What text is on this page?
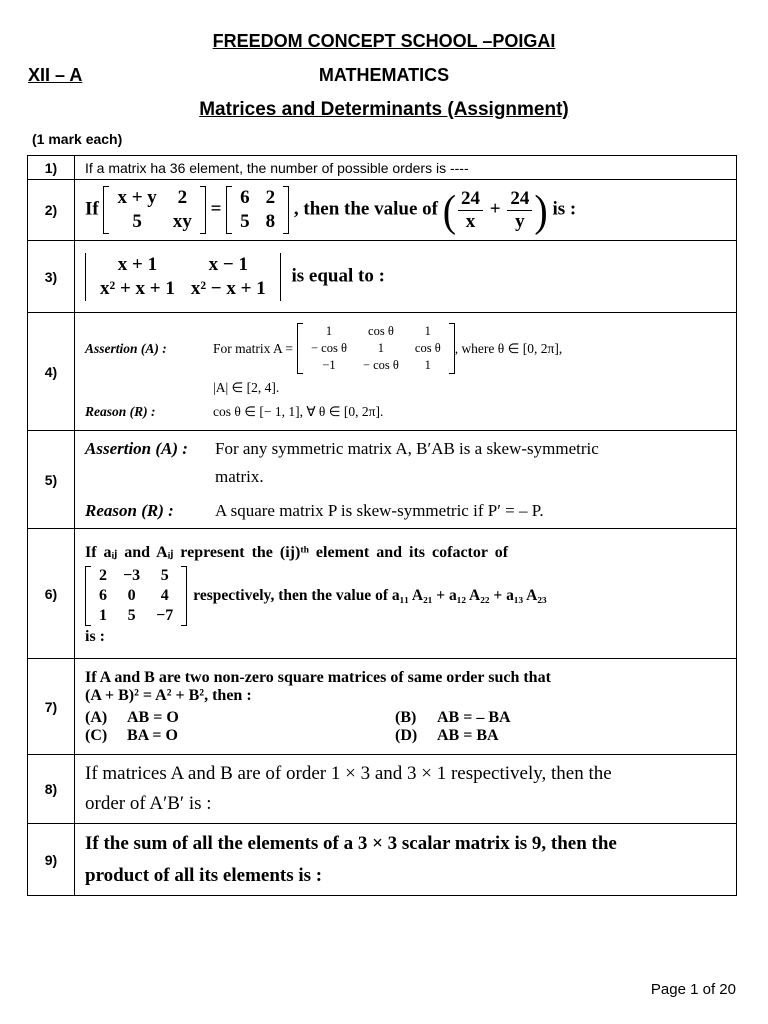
FREEDOM CONCEPT SCHOOL –POIGAI
XII – A	MATHEMATICS
Matrices and Determinants (Assignment)
(1 mark each)
1)	If a matrix ha 36 element, the number of possible orders is ----
2)	If
x + y	2
5	xy
=
6	2
5	8
, then the value of ( $\frac{24}{x} + \frac{24}{y}$ ) is :
3)	
x + 1	x − 1
x² + x + 1	x² − x + 1
is equal to :
4)	
Assertion (A) :	For matrix A =
1	cos θ	1
− cos θ	1	cos θ
−1	− cos θ	1
, where θ ∈ [0, 2π],
|A| ∈ [2, 4].
Reason (R) :	cos θ ∈ [− 1, 1], ∀ θ ∈ [0, 2π].

5)	
Assertion (A) : For any symmetric matrix A, B′AB is a skew-symmetric
matrix.
Reason (R) : A square matrix P is skew-symmetric if P′ = – P.

6)	
If aᵢⱼ and Aᵢⱼ represent the (ij)ᵗʰ element and its cofactor of
2	−3	5
6	0	4
1	5	−7
respectively, then the value of a₁₁ A₂₁ + a₁₂ A₂₂ + a₁₃ A₂₃
is :

7)	
If A and B are two non-zero square matrices of same order such that
(A + B)² = A² + B², then :
(A)	AB = O	(B)	AB = – BA
(C)	BA = O	(D)	AB = BA

8)	
If matrices A and B are of order 1 × 3 and 3 × 1 respectively, then the
order of A′B′ is :

9)	
If the sum of all the elements of a 3 × 3 scalar matrix is 9, then the
product of all its elements is :
Page 1 of 20
